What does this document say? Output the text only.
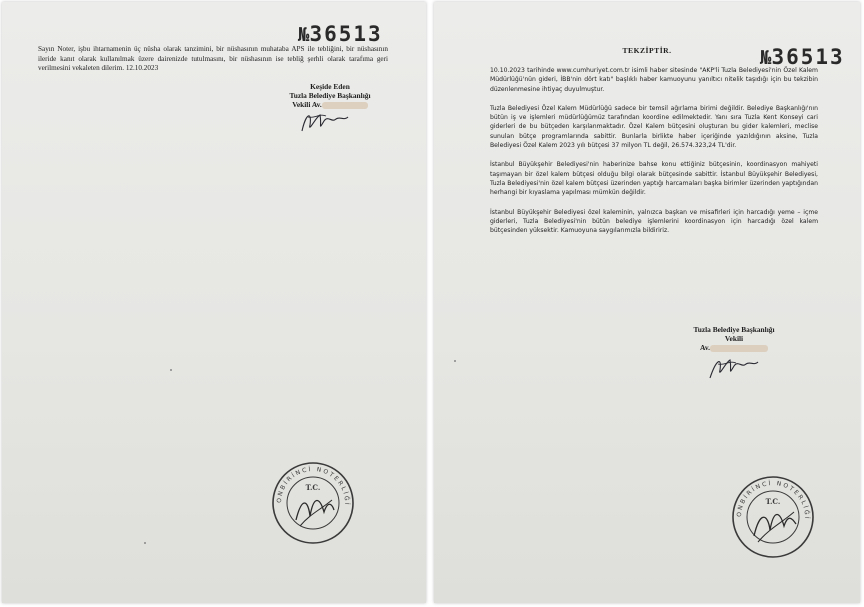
№36513
Sayın Noter, işbu ihtarnamenin üç nüsha olarak tanzimini, bir nüshasının muhataba APS ile tebliğini, bir nüshasının ileride kanıt olarak kullanılmak üzere dairenizde tutulmasını, bir nüshasının ise tebliğ şerhli olarak tarafıma geri verilmesini vekaleten dilerim. 12.10.2023
Keşide Eden
Tuzla Belediye Başkanlığı
Vekili Av.
ONBİRİNCİ NOTERLİĞİ
T.C.
№36513
TEKZİPTİR.

10.10.2023 tarihinde www.cumhuriyet.com.tr isimli haber sitesinde "AKP'li Tuzla Belediyesi'nin Özel Kalem Müdürlüğü'nün gideri, İBB'nin dört katı" başlıklı haber kamuoyunu yanıltıcı nitelik taşıdığı için bu tekzibin düzenlenmesine ihtiyaç duyulmuştur.

Tuzla Belediyesi Özel Kalem Müdürlüğü sadece bir temsil ağırlama birimi değildir. Belediye Başkanlığı'nın bütün iş ve işlemleri müdürlüğümüz tarafından koordine edilmektedir. Yanı sıra Tuzla Kent Konseyi cari giderleri de bu bütçeden karşılanmaktadır. Özel Kalem bütçesini oluşturan bu gider kalemleri, meclise sunulan bütçe programlarında sabittir. Bunlarla birlikte haber içeriğinde yazıldığının aksine, Tuzla Belediyesi Özel Kalem 2023 yılı bütçesi 37 milyon TL değil, 26.574.323,24 TL'dir.

İstanbul Büyükşehir Belediyesi'nin haberinize bahse konu ettiğiniz bütçesinin, koordinasyon mahiyeti taşımayan bir özel kalem bütçesi olduğu bilgi olarak bütçesinde sabittir. İstanbul Büyükşehir Belediyesi, Tuzla Belediyesi'nin özel kalem bütçesi üzerinden yaptığı harcamaları başka birimler üzerinden yaptığından herhangi bir kıyaslama yapılması mümkün değildir.

İstanbul Büyükşehir Belediyesi özel kaleminin, yalnızca başkan ve misafirleri için harcadığı yeme – içme giderleri, Tuzla Belediyesi'nin bütün belediye işlemlerini koordinasyon için harcadığı özel kalem bütçesinden yüksektir. Kamuoyuna saygılarımızla bildiririz.

Tuzla Belediye Başkanlığı
Vekili
Av.
ONBİRİNCİ NOTERLİĞİ
T.C.
